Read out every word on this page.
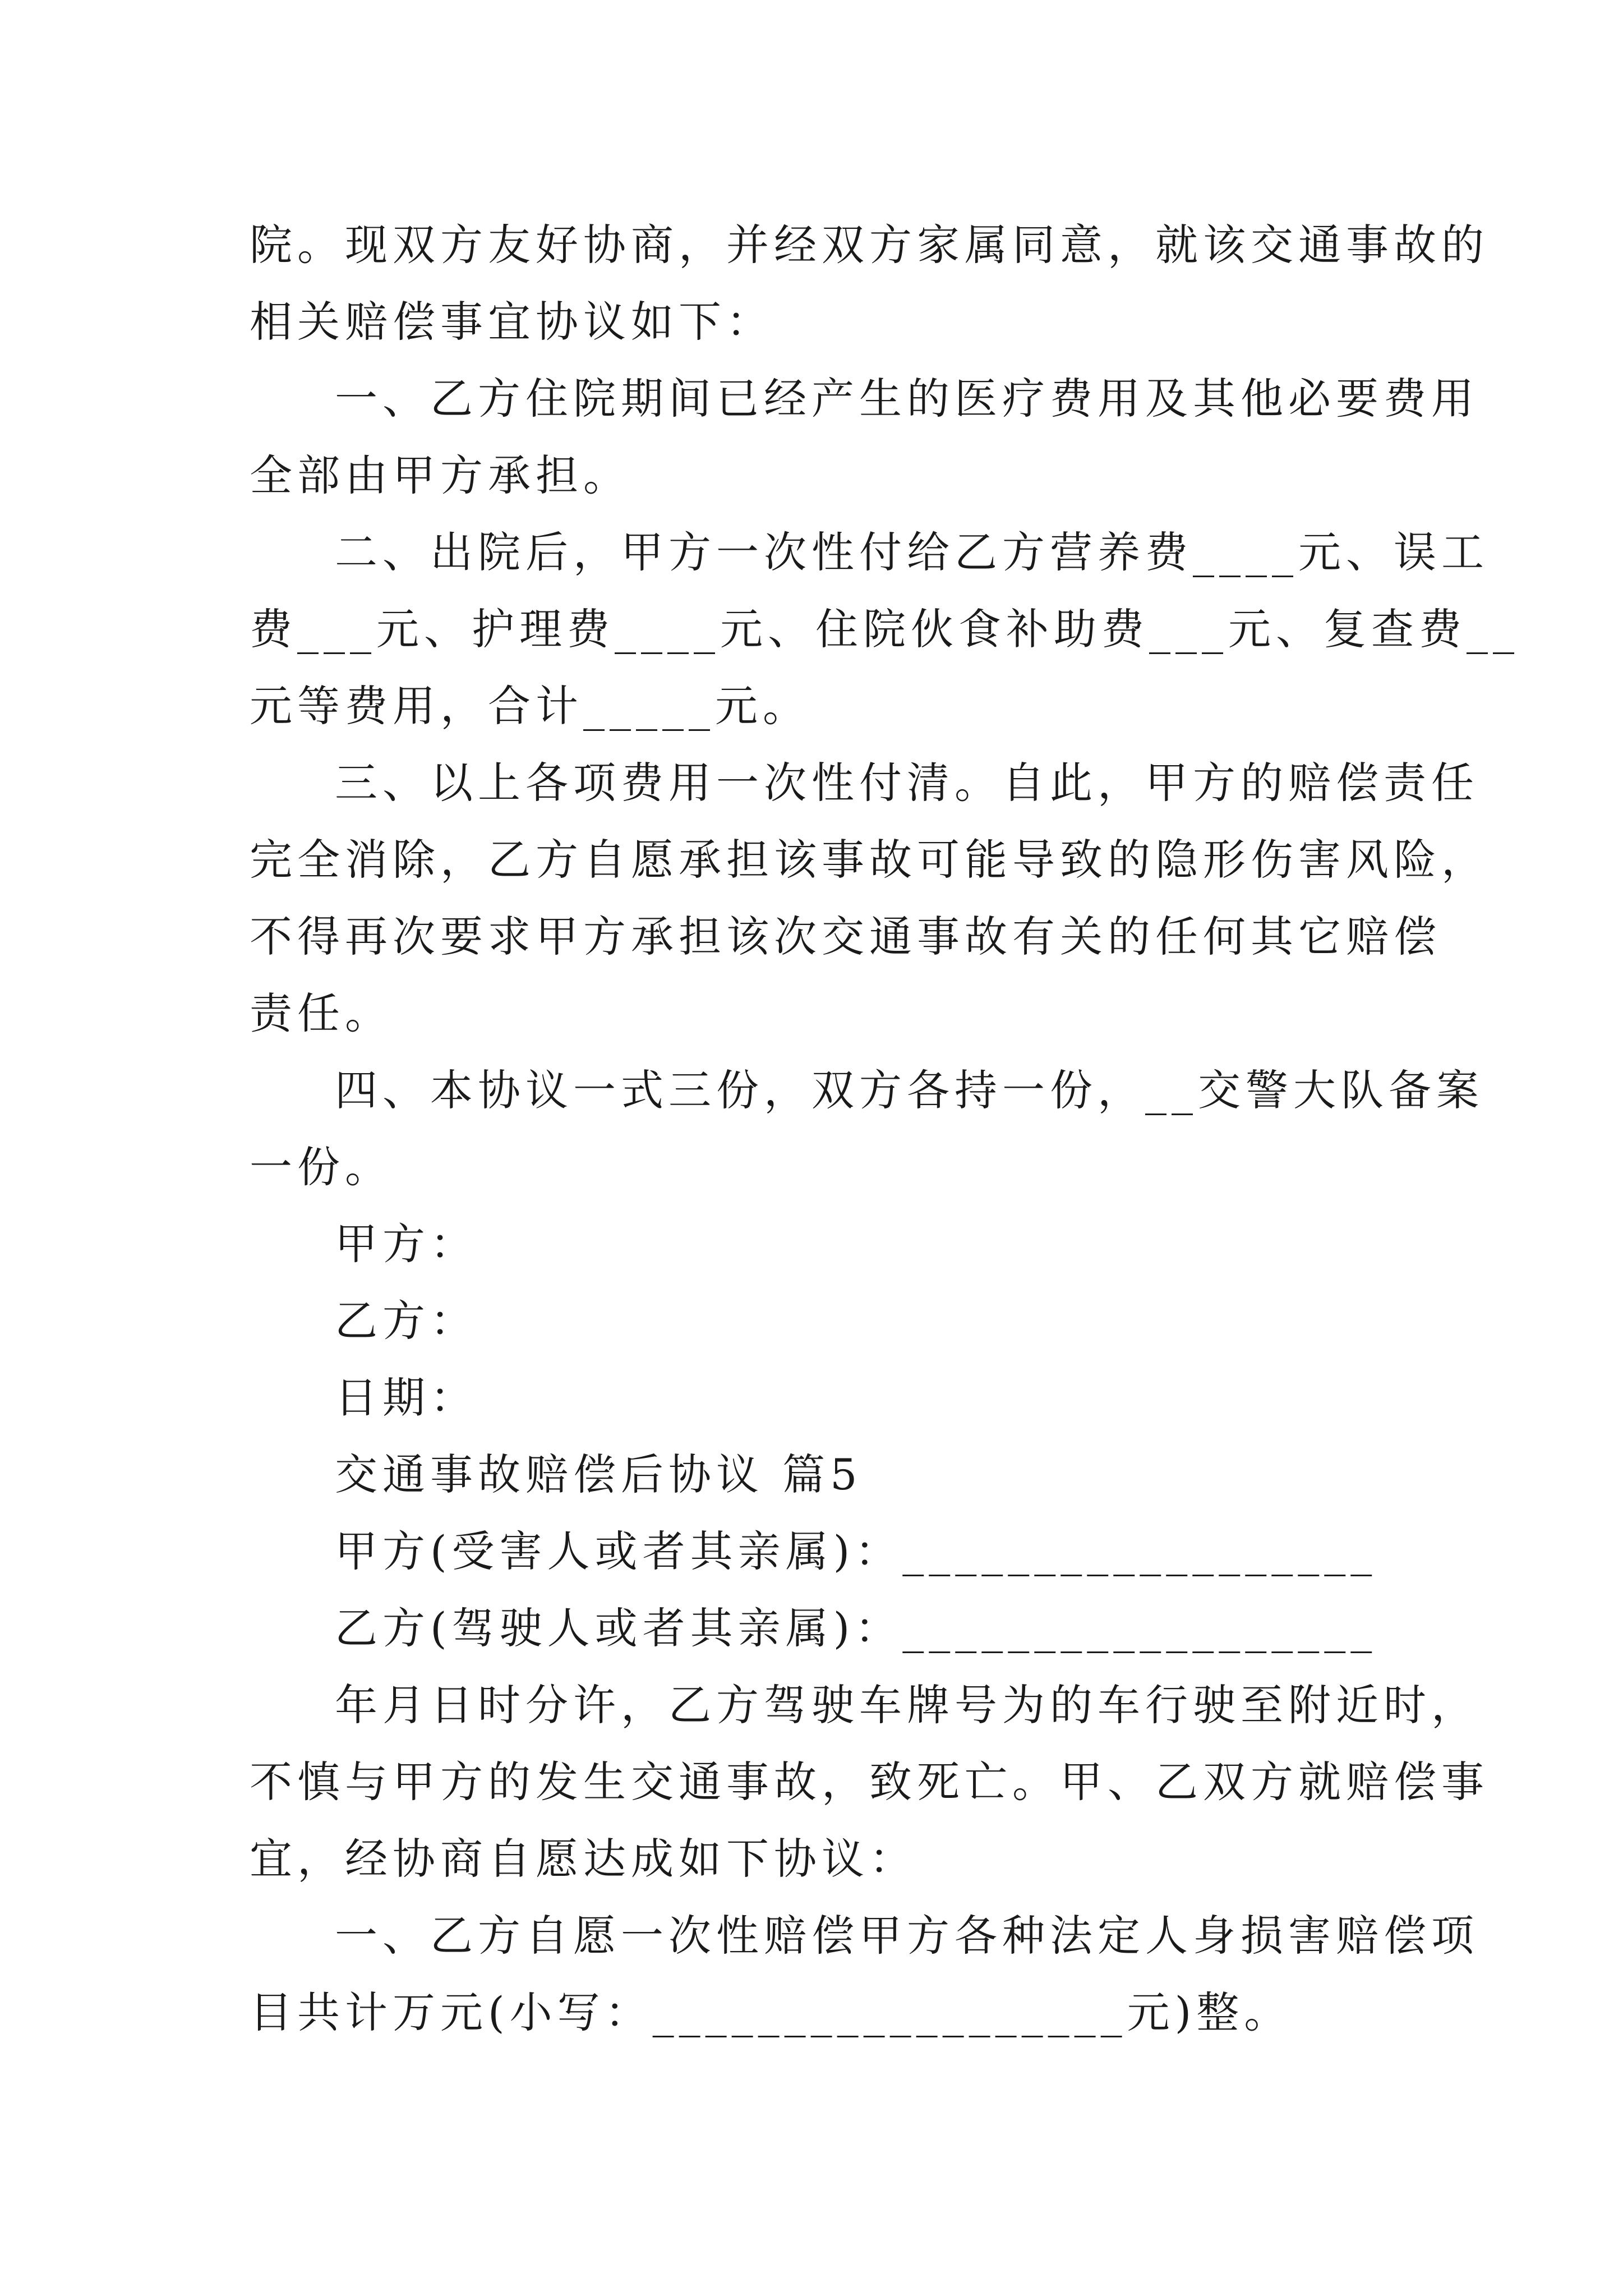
院。现双方友好协商，并经双方家属同意，就该交通事故的
相关赔偿事宜协议如下：
一、乙方住院期间已经产生的医疗费用及其他必要费用
全部由甲方承担。
二、出院后，甲方一次性付给乙方营养费____元、误工
费___元、护理费____元、住院伙食补助费___元、复查费__
元等费用，合计_____元。
三、以上各项费用一次性付清。自此，甲方的赔偿责任
完全消除，乙方自愿承担该事故可能导致的隐形伤害风险，
不得再次要求甲方承担该次交通事故有关的任何其它赔偿
责任。
四、本协议一式三份，双方各持一份，__交警大队备案
一份。
甲方：
乙方：
日期：
交通事故赔偿后协议 篇5
甲方(受害人或者其亲属)：__________________
乙方(驾驶人或者其亲属)：__________________
年月日时分许，乙方驾驶车牌号为的车行驶至附近时，
不慎与甲方的发生交通事故，致死亡。甲、乙双方就赔偿事
宜，经协商自愿达成如下协议：
一、乙方自愿一次性赔偿甲方各种法定人身损害赔偿项
目共计万元(小写：__________________元)整。
